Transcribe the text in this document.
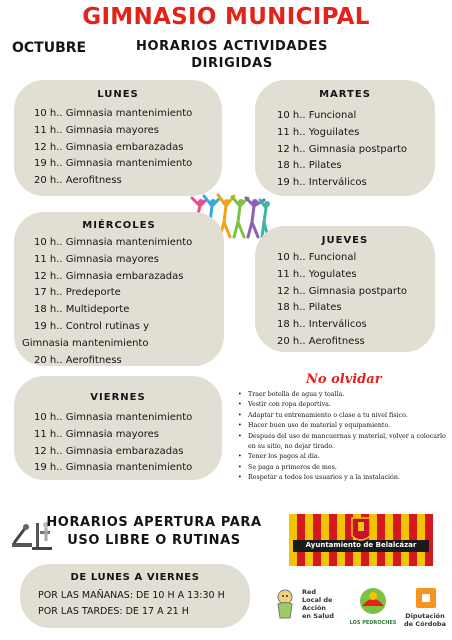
GIMNASIO MUNICIPAL
OCTUBRE	HORARIOS ACTIVIDADES
DIRIGIDAS
LUNES
10 h.. Gimnasia mantenimiento
11 h.. Gimnasia mayores
12 h.. Gimnasia embarazadas
19 h.. Gimnasia mantenimiento
20 h.. Aerofitness
MARTES
10 h.. Funcional
11 h.. Yoguilates
12 h.. Gimnasia postparto
18 h.. Pilates
19 h.. Interválicos
MIÉRCOLES
10 h.. Gimnasia mantenimiento
11 h.. Gimnasia mayores
12 h.. Gimnasia embarazadas
17 h.. Predeporte
18 h.. Multideporte
19 h.. Control rutinas y
Gimnasia mantenimiento
20 h.. Aerofitness
JUEVES
10 h.. Funcional
11 h.. Yogulates
12 h.. Gimnasia postparto
18 h.. Pilates
18 h.. Interválicos
20 h.. Aerofitness
VIERNES
10 h.. Gimnasia mantenimiento
11 h.. Gimnasia mayores
12 h.. Gimnasia embarazadas
19 h.. Gimnasia mantenimiento
No olvidar
• Traer botella de agua y toalla.
• Vestir con ropa deportiva.
• Adaptar tu entrenamiento o clase a tu nivel físico.
• Hacer buen uso de material y equipamiento.
• Después del uso de mancuernas y material, volver a colocarlo en su sitio, no dejar tirado.
• Tener los pagos al día.
• Se paga a primeros de mes.
• Respetar a todos los usuarios y a la instalación.
HORARIOS APERTURA PARA
USO LIBRE O RUTINAS	Ayuntamiento de Belalcázar
DE LUNES A VIERNES
POR LAS MAÑANAS: DE 10 H A 13:30 H
POR LAS TARDES: DE 17 A 21 H
Red Local de Acción en Salud
LOS PEDROCHES
Diputación de Córdoba
